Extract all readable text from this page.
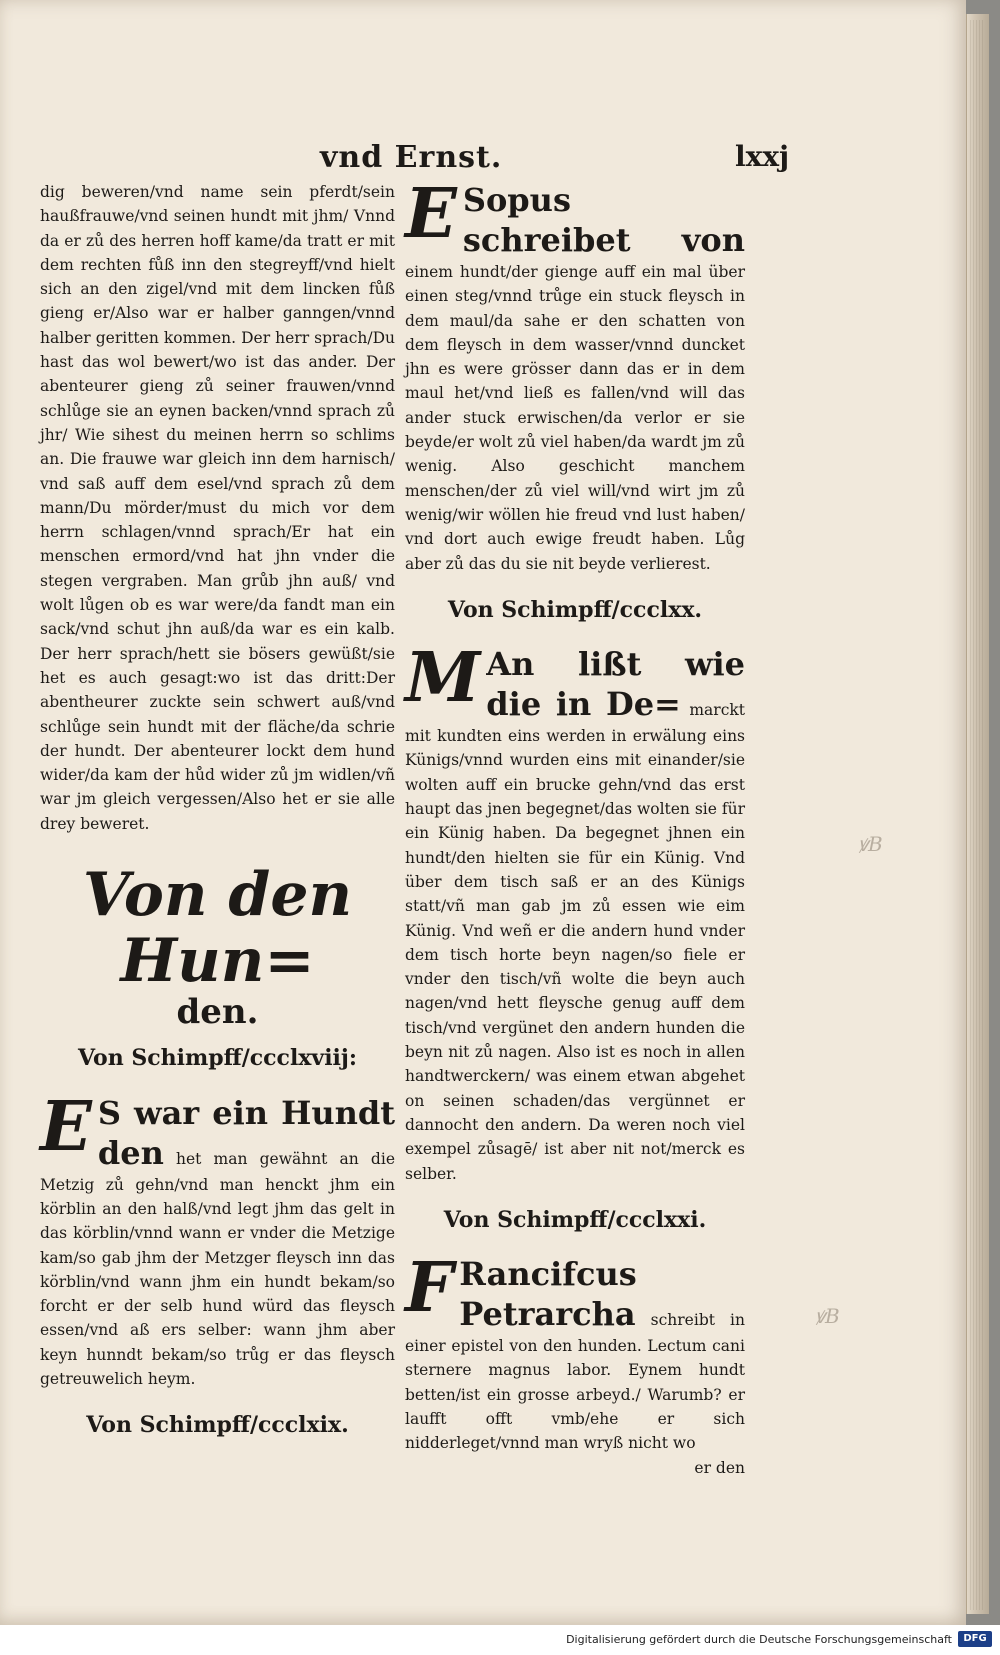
vnd Ernst.	lxxj

dig beweren/vnd name sein pferdt/sein haußfrauwe/vnd seinen hundt mit jhm/ Vnnd da er zů des herren hoff kame/da tratt er mit dem rechten fůß inn den stegreyff/vnd hielt sich an den zigel/vnd mit dem lincken fůß gieng er/Also war er halber ganngen/vnnd halber geritten kommen. Der herr sprach/Du hast das wol bewert/wo ist das ander. Der abenteurer gieng zů seiner frauwen/vnnd schlůge sie an eynen backen/vnnd sprach zů jhr/ Wie sihest du meinen herrn so schlims an. Die frauwe war gleich inn dem harnisch/ vnd saß auff dem esel/vnd sprach zů dem mann/Du mörder/must du mich vor dem herrn schlagen/vnnd sprach/Er hat ein menschen ermord/vnd hat jhn vnder die stegen vergraben. Man grůb jhn auß/ vnd wolt lůgen ob es war were/da fandt man ein sack/vnd schut jhn auß/da war es ein kalb. Der herr sprach/hett sie bösers gewüßt/sie het es auch gesagt:wo ist das dritt:Der abentheurer zuckte sein schwert auß/vnd schlůge sein hundt mit der fläche/da schrie der hundt. Der abenteurer lockt dem hund wider/da kam der hůd wider zů jm widlen/vñ war jm gleich vergessen/Also het er sie alle drey beweret.

Von den Hun=
den.
Von Schimpff/ccclxviij:

E S war ein Hundt den het man gewähnt an die Metzig zů gehn/vnd man henckt jhm ein körblin an den halß/vnd legt jhm das gelt in das körblin/vnnd wann er vnder die Metzige kam/so gab jhm der Metzger fleysch inn das körblin/vnd wann jhm ein hundt bekam/so forcht er der selb hund würd das fleysch essen/vnd aß ers selber: wann jhm aber keyn hunndt bekam/so trůg er das fleysch getreuwelich heym.

Von Schimpff/ccclxix.

E Sopus schreibet von einem hundt/der gienge auff ein mal über einen steg/vnnd trůge ein stuck fleysch in dem maul/da sahe er den schatten von dem fleysch in dem wasser/vnnd duncket jhn es were grösser dann das er in dem maul het/vnd ließ es fallen/vnd will das ander stuck erwischen/da verlor er sie beyde/er wolt zů viel haben/da wardt jm zů wenig. Also geschicht manchem menschen/der zů viel will/vnd wirt jm zů wenig/wir wöllen hie freud vnd lust haben/ vnd dort auch ewige freudt haben. Lůg aber zů das du sie nit beyde verlierest.

Von Schimpff/ccclxx.

M An lißt wie die in De= marckt mit kundten eins werden in erwälung eins Künigs/vnnd wurden eins mit einander/sie wolten auff ein brucke gehn/vnd das erst haupt das jnen begegnet/das wolten sie für ein Künig haben. Da begegnet jhnen ein hundt/den hielten sie für ein Künig. Vnd über dem tisch saß er an des Künigs statt/vñ man gab jm zů essen wie eim Künig. Vnd weñ er die andern hund vnder dem tisch horte beyn nagen/so fiele er vnder den tisch/vñ wolte die beyn auch nagen/vnd hett fleysche genug auff dem tisch/vnd vergünet den andern hunden die beyn nit zů nagen. Also ist es noch in allen handtwerckern/ was einem etwan abgehet on seinen schaden/das vergünnet er dannocht den andern. Da weren noch viel exempel zůsagē/ ist aber nit not/merck es selber.

Von Schimpff/ccclxxi.

F Rancifcus Petrarcha schreibt in einer epistel von den hunden. Lectum cani sternere magnus labor. Eynem hundt betten/ist ein grosse arbeyd./ Warumb? er laufft offt vmb/ehe er sich nidderleget/vnnd man wryß nicht wo

er den
ꝟB
ꝟB
Digitalisierung gefördert durch die Deutsche Forschungsgemeinschaft	DFG
